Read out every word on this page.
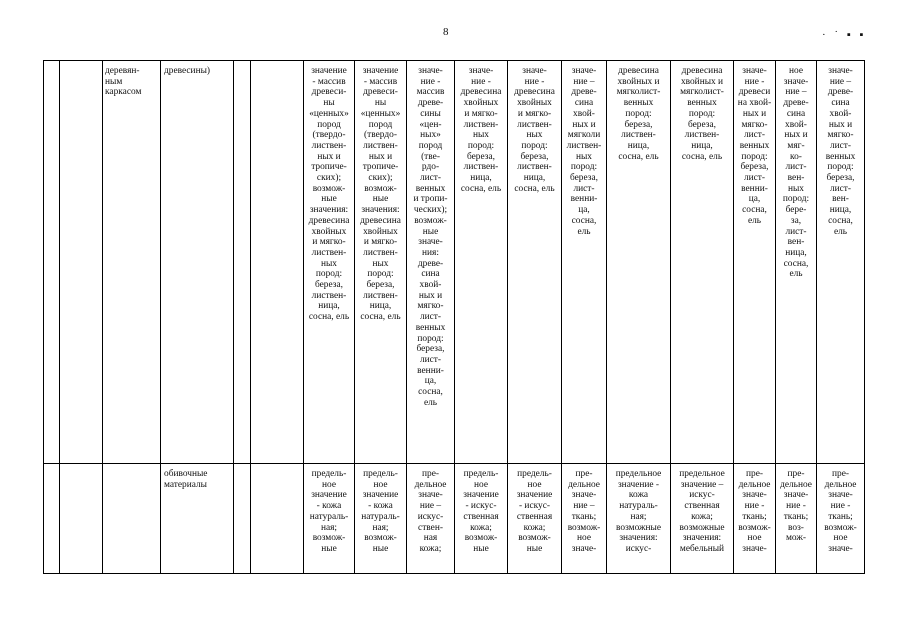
8	· ˙ ▪ ▪
деревян-
ным
каркасом
древесины)	значение
- массив
древеси-
ны
«ценных»
пород
(твердо-
листвен-
ных и
тропиче-
ских);
возмож-
ные
значения:
древесина
хвойных
и мягко-
листвен-
ных
пород:
береза,
листвен-
ница,
сосна, ель
значение
- массив
древеси-
ны
«ценных»
пород
(твердо-
листвен-
ных и
тропиче-
ских);
возмож-
ные
значения:
древесина
хвойных
и мягко-
листвен-
ных
пород:
береза,
листвен-
ница,
сосна, ель
значе-
ние -
массив
древе-
сины
«цен-
ных»
пород
(тве-
рдо-
лист-
венных
и тропи-
ческих);
возмож-
ные
значе-
ния:
древе-
сина
хвой-
ных и
мягко-
лист-
венных
пород:
береза,
лист-
венни-
ца,
сосна,
ель
значе-
ние -
древесина
хвойных
и мягко-
листвен-
ных
пород:
береза,
листвен-
ница,
сосна, ель
значе-
ние -
древесина
хвойных
и мягко-
листвен-
ных
пород:
береза,
листвен-
ница,
сосна, ель
значе-
ние –
древе-
сина
хвой-
ных и
мягколи
листвен-
ных
пород:
береза,
лист-
венни-
ца,
сосна,
ель
древесина
хвойных и
мягколист-
венных
пород:
береза,
листвен-
ница,
сосна, ель
древесина
хвойных и
мягколист-
венных
пород:
береза,
листвен-
ница,
сосна, ель
значе-
ние -
древеси
на хвой-
ных и
мягко-
лист-
венных
пород:
береза,
лист-
венни-
ца,
сосна,
ель
ное
значе-
ние –
древе-
сина
хвой-
ных и
мяг-
ко-
лист-
вен-
ных
пород:
бере-
за,
лист-
вен-
ница,
сосна,
ель
значе-
ние –
древе-
сина
хвой-
ных и
мягко-
лист-
венных
пород:
береза,
лист-
вен-
ница,
сосна,
ель
обивочные
материалы
предель-
ное
значение
- кожа
натураль-
ная;
возмож-
ные
предель-
ное
значение
- кожа
натураль-
ная;
возмож-
ные
пре-
дельное
значе-
ние –
искус-
ствен-
ная
кожа;
предель-
ное
значение
- искус-
ственная
кожа;
возмож-
ные
предель-
ное
значение
- искус-
ственная
кожа;
возмож-
ные
пре-
дельное
значе-
ние –
ткань;
возмож-
ное
значе-
предельное
значение -
кожа
натураль-
ная;
возможные
значения:
искус-
предельное
значение –
искус-
ственная
кожа;
возможные
значения:
мебельный
пре-
дельное
значе-
ние -
ткань;
возмож-
ное
значе-
пре-
дельное
значе-
ние -
ткань;
воз-
мож-
пре-
дельное
значе-
ние -
ткань;
возмож-
ное
значе-
